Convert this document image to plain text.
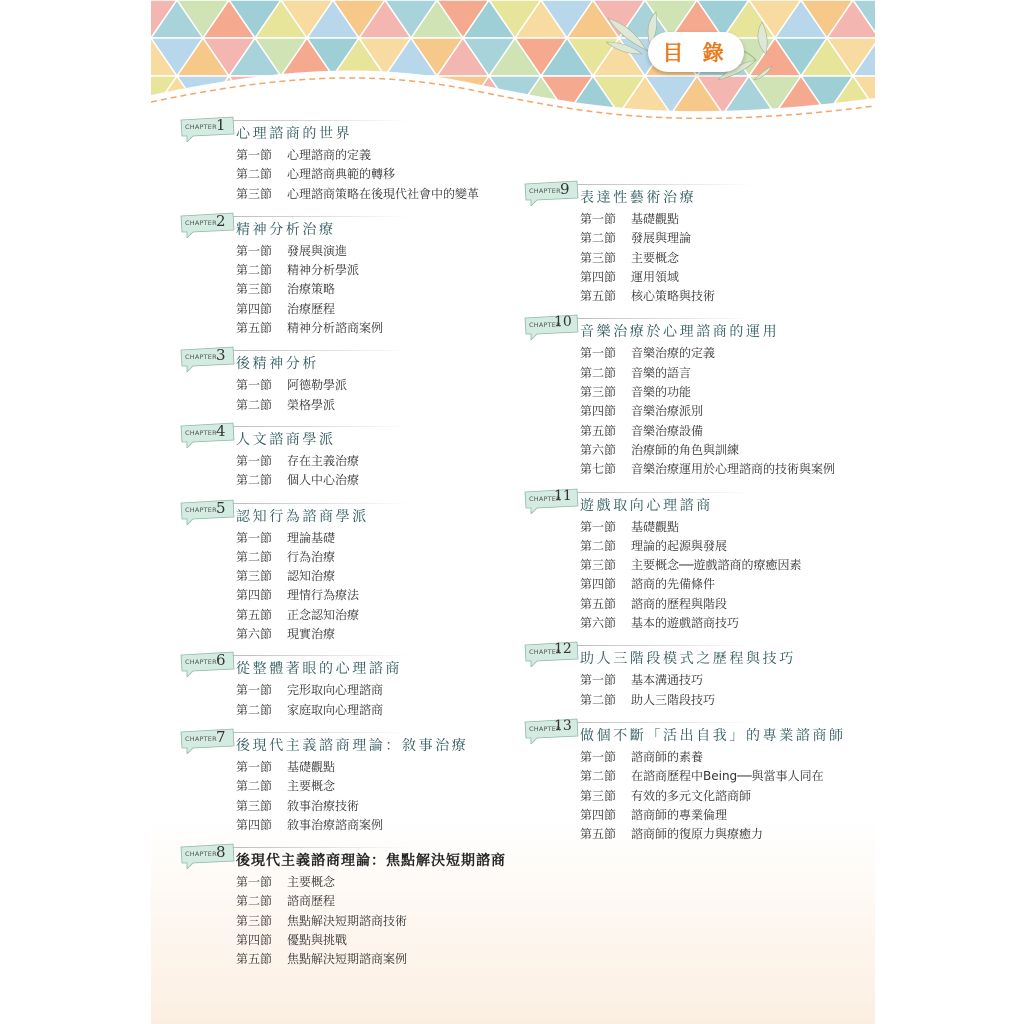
目 錄
CHAPTER 1 心理諮商的世界
第一節 心理諮商的定義
第二節 心理諮商典範的轉移
第三節 心理諮商策略在後現代社會中的變革
CHAPTER 2 精神分析治療
第一節 發展與演進
第二節 精神分析學派
第三節 治療策略
第四節 治療歷程
第五節 精神分析諮商案例
CHAPTER 3 後精神分析
第一節 阿德勒學派
第二節 榮格學派
CHAPTER 4 人文諮商學派
第一節 存在主義治療
第二節 個人中心治療
CHAPTER 5 認知行為諮商學派
第一節 理論基礎
第二節 行為治療
第三節 認知治療
第四節 理情行為療法
第五節 正念認知治療
第六節 現實治療
CHAPTER 6 從整體著眼的心理諮商
第一節 完形取向心理諮商
第二節 家庭取向心理諮商
CHAPTER 7 後現代主義諮商理論：敘事治療
第一節 基礎觀點
第二節 主要概念
第三節 敘事治療技術
第四節 敘事治療諮商案例
CHAPTER 8 後現代主義諮商理論：焦點解決短期諮商
第一節 主要概念
第二節 諮商歷程
第三節 焦點解決短期諮商技術
第四節 優點與挑戰
第五節 焦點解決短期諮商案例
CHAPTER 9 表達性藝術治療
第一節 基礎觀點
第二節 發展與理論
第三節 主要概念
第四節 運用領域
第五節 核心策略與技術
CHAPTER
10
音樂治療於心理諮商的運用
第一節 音樂治療的定義
第二節 音樂的語言
第三節 音樂的功能
第四節 音樂治療派別
第五節 音樂治療設備
第六節 治療師的角色與訓練
第七節 音樂治療運用於心理諮商的技術與案例
CHAPTER
11
遊戲取向心理諮商
第一節 基礎觀點
第二節 理論的起源與發展
第三節 主要概念──遊戲諮商的療癒因素
第四節 諮商的先備條件
第五節 諮商的歷程與階段
第六節 基本的遊戲諮商技巧
CHAPTER
12
助人三階段模式之歷程與技巧
第一節 基本溝通技巧
第二節 助人三階段技巧
CHAPTER
13
做個不斷「活出自我」的專業諮商師
第一節 諮商師的素養
第二節 在諮商歷程中Being──與當事人同在
第三節 有效的多元文化諮商師
第四節 諮商師的專業倫理
第五節 諮商師的復原力與療癒力
